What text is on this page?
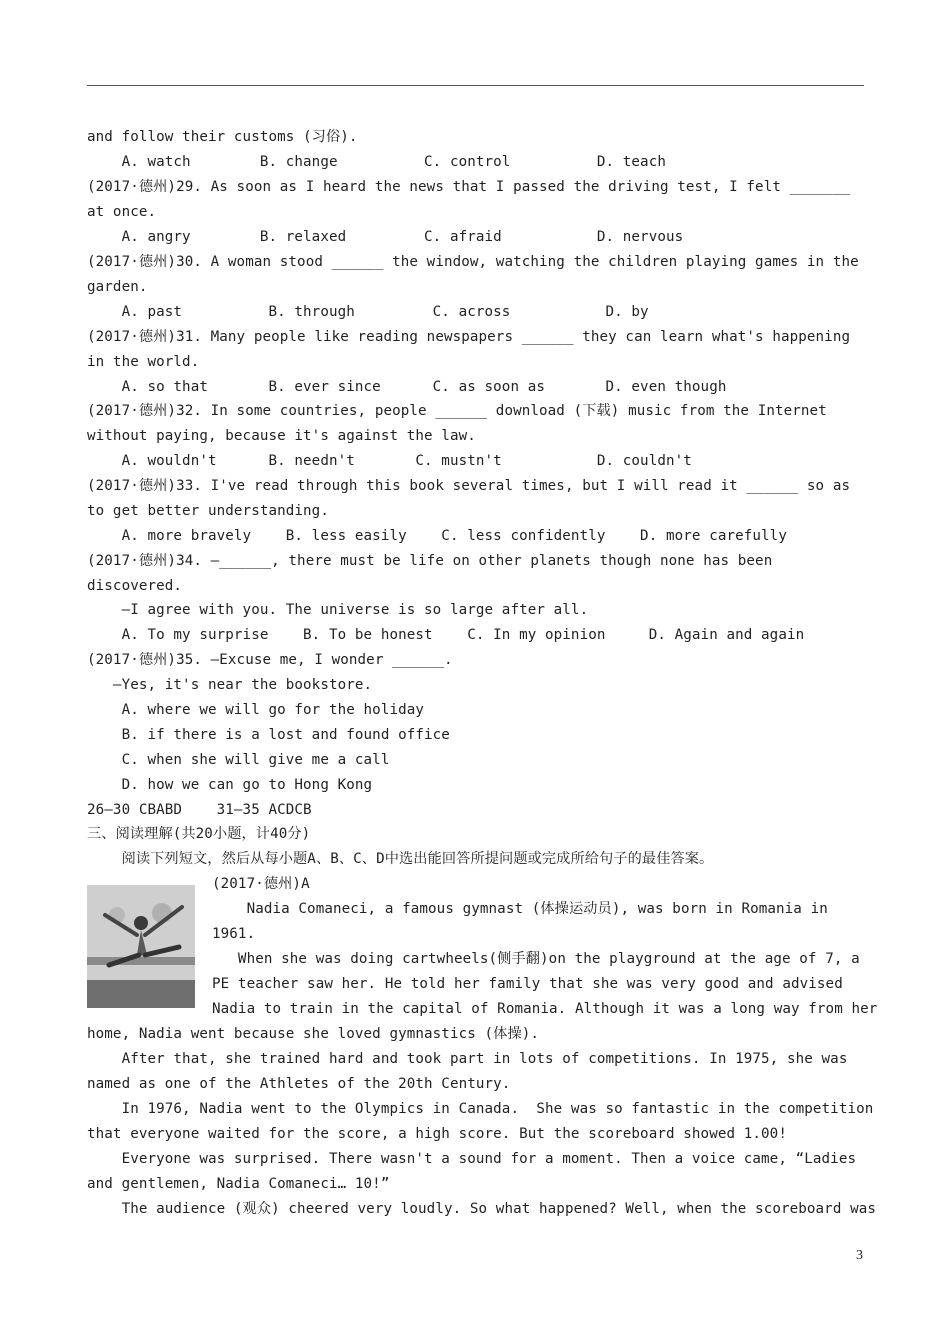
and follow their customs (习俗).
A. watch        B. change          C. control          D. teach
(2017·德州)29. As soon as I heard the news that I passed the driving test, I felt _______
at once.
A. angry        B. relaxed         C. afraid           D. nervous
(2017·德州)30. A woman stood ______ the window, watching the children playing games in the
garden.
A. past          B. through         C. across           D. by
(2017·德州)31. Many people like reading newspapers ______ they can learn what's happening
in the world.
A. so that       B. ever since      C. as soon as       D. even though
(2017·德州)32. In some countries, people ______ download (下载) music from the Internet
without paying, because it's against the law.
A. wouldn't      B. needn't       C. mustn't           D. couldn't
(2017·德州)33. I've read through this book several times, but I will read it ______ so as
to get better understanding.
A. more bravely    B. less easily    C. less confidently    D. more carefully
(2017·德州)34. —______, there must be life on other planets though none has been
discovered.
—I agree with you. The universe is so large after all.
A. To my surprise    B. To be honest    C. In my opinion     D. Again and again
(2017·德州)35. —Excuse me, I wonder ______.
—Yes, it's near the bookstore.
A. where we will go for the holiday
B. if there is a lost and found office
C. when she will give me a call
D. how we can go to Hong Kong
26—30 CBABD    31—35 ACDCB
三、阅读理解(共20小题，计40分)
阅读下列短文，然后从每小题A、B、C、D中选出能回答所提问题或完成所给句子的最佳答案。
(2017·德州)A
Nadia Comaneci, a famous gymnast (体操运动员), was born in Romania in
1961.
When she was doing cartwheels(侧手翻)on the playground at the age of 7, a
PE teacher saw her. He told her family that she was very good and advised
Nadia to train in the capital of Romania. Although it was a long way from her
home, Nadia went because she loved gymnastics (体操).
After that, she trained hard and took part in lots of competitions. In 1975, she was
named as one of the Athletes of the 20th Century.
In 1976, Nadia went to the Olympics in Canada.  She was so fantastic in the competition
that everyone waited for the score, a high score. But the scoreboard showed 1.00!
Everyone was surprised. There wasn't a sound for a moment. Then a voice came, “Ladies
and gentlemen, Nadia Comaneci… 10!”
The audience (观众) cheered very loudly. So what happened? Well, when the scoreboard was
3
